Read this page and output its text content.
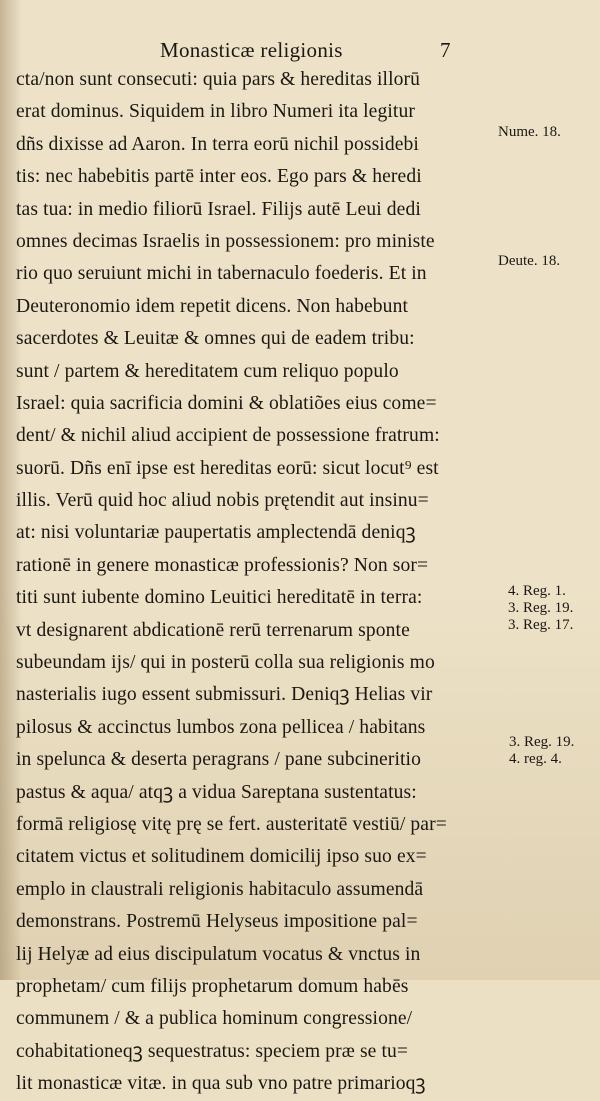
Monasticæ religionis	7
cta/non sunt consecuti: quia pars & hereditas illorū
erat dominus. Siquidem in libro Numeri ita legitur
dñs dixisse ad Aaron. In terra eorū nichil possidebi
tis: nec habebitis partē inter eos. Ego pars & heredi
tas tua: in medio filiorū Israel. Filijs autē Leui dedi
omnes decimas Israelis in possessionem: pro ministe
rio quo seruiunt michi in tabernaculo foederis. Et in
Deuteronomio idem repetit dicens. Non habebunt
sacerdotes & Leuitæ & omnes qui de eadem tribu:
sunt / partem & hereditatem cum reliquo populo
Israel: quia sacrificia domini & oblatiões eius come=
dent/ & nichil aliud accipient de possessione fratrum:
suorū. Dñs enī ipse est hereditas eorū: sicut locut⁹ est
illis. Verū quid hoc aliud nobis prętendit aut insinu=
at: nisi voluntariæ paupertatis amplectendā deniqꝫ
rationē in genere monasticæ professionis? Non sor=
titi sunt iubente domino Leuitici hereditatē in terra:
vt designarent abdicationē rerū terrenarum sponte
subeundam ijs/ qui in posterū colla sua religionis mo
nasterialis iugo essent submissuri. Deniqꝫ Helias vir
pilosus & accinctus lumbos zona pellicea / habitans
in spelunca & deserta peragrans / pane subcineritio
pastus & aqua/ atqꝫ a vidua Sareptana sustentatus:
formā religiosę vitę prę se fert. austeritatē vestiū/ par=
citatem victus et solitudinem domicilij ipso suo ex=
emplo in claustrali religionis habitaculo assumendā
demonstrans. Postremū Helyseus impositione pal=
lij Helyæ ad eius discipulatum vocatus & vnctus in
prophetam/ cum filijs prophetarum domum habēs
communem / & a publica hominum congressione/
cohabitationeqꝫ sequestratus: speciem præ se tu=
lit monasticæ vitæ. in qua sub vno patre primarioqꝫ
Nume. 18.
Deute. 18.
4. Reg. 1.
3. Reg. 19.
3. Reg. 17.
3. Reg. 19.
4. reg. 4.
